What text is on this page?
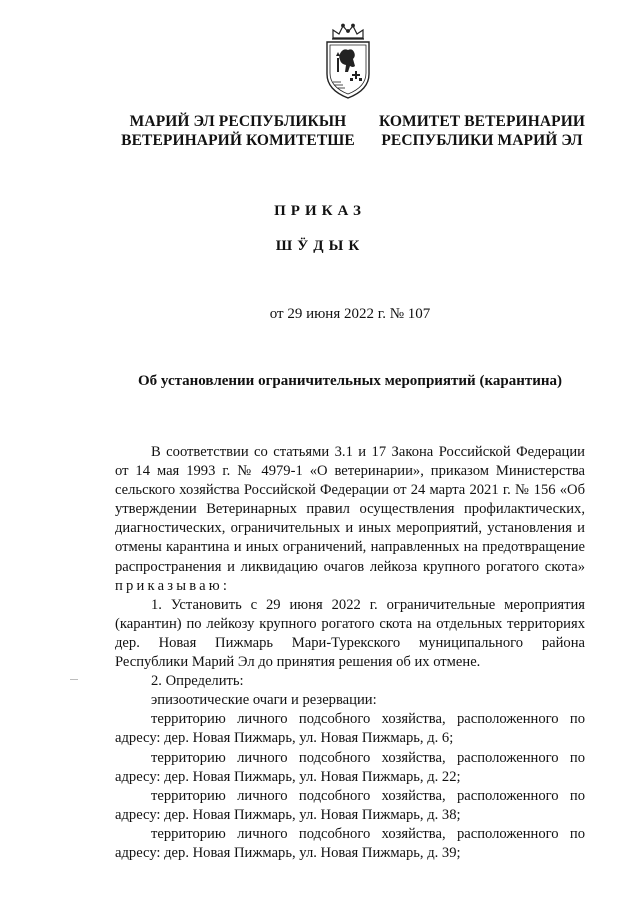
МАРИЙ ЭЛ РЕСПУБЛИКЫН
ВЕТЕРИНАРИЙ КОМИТЕТШЕ
КОМИТЕТ ВЕТЕРИНАРИИ
РЕСПУБЛИКИ МАРИЙ ЭЛ
ПРИКАЗ
ШӰДЫК
от 29 июня 2022 г. № 107
Об установлении ограничительных мероприятий (карантина)

В соответствии со статьями 3.1 и 17 Закона Российской Федерации от 14 мая 1993 г. № 4979-1 «О ветеринарии», приказом Министерства сельского хозяйства Российской Федерации от 24 марта 2021 г. № 156 «Об утверждении Ветеринарных правил осуществления профилактических, диагностических, ограничительных и иных мероприятий, установления и отмены карантина и иных ограничений, направленных на предотвращение распространения и ликвидацию очагов лейкоза крупного рогатого скота» приказываю:

1. Установить с 29 июня 2022 г. ограничительные мероприятия (карантин) по лейкозу крупного рогатого скота на отдельных территориях дер. Новая Пижмарь Мари-Турекского муниципального района Республики Марий Эл до принятия решения об их отмене.

2. Определить:

эпизоотические очаги и резервации:

территорию личного подсобного хозяйства, расположенного по адресу: дер. Новая Пижмарь, ул. Новая Пижмарь, д. 6;

территорию личного подсобного хозяйства, расположенного по адресу: дер. Новая Пижмарь, ул. Новая Пижмарь, д. 22;

территорию личного подсобного хозяйства, расположенного по адресу: дер. Новая Пижмарь, ул. Новая Пижмарь, д. 38;

территорию личного подсобного хозяйства, расположенного по адресу: дер. Новая Пижмарь, ул. Новая Пижмарь, д. 39;
